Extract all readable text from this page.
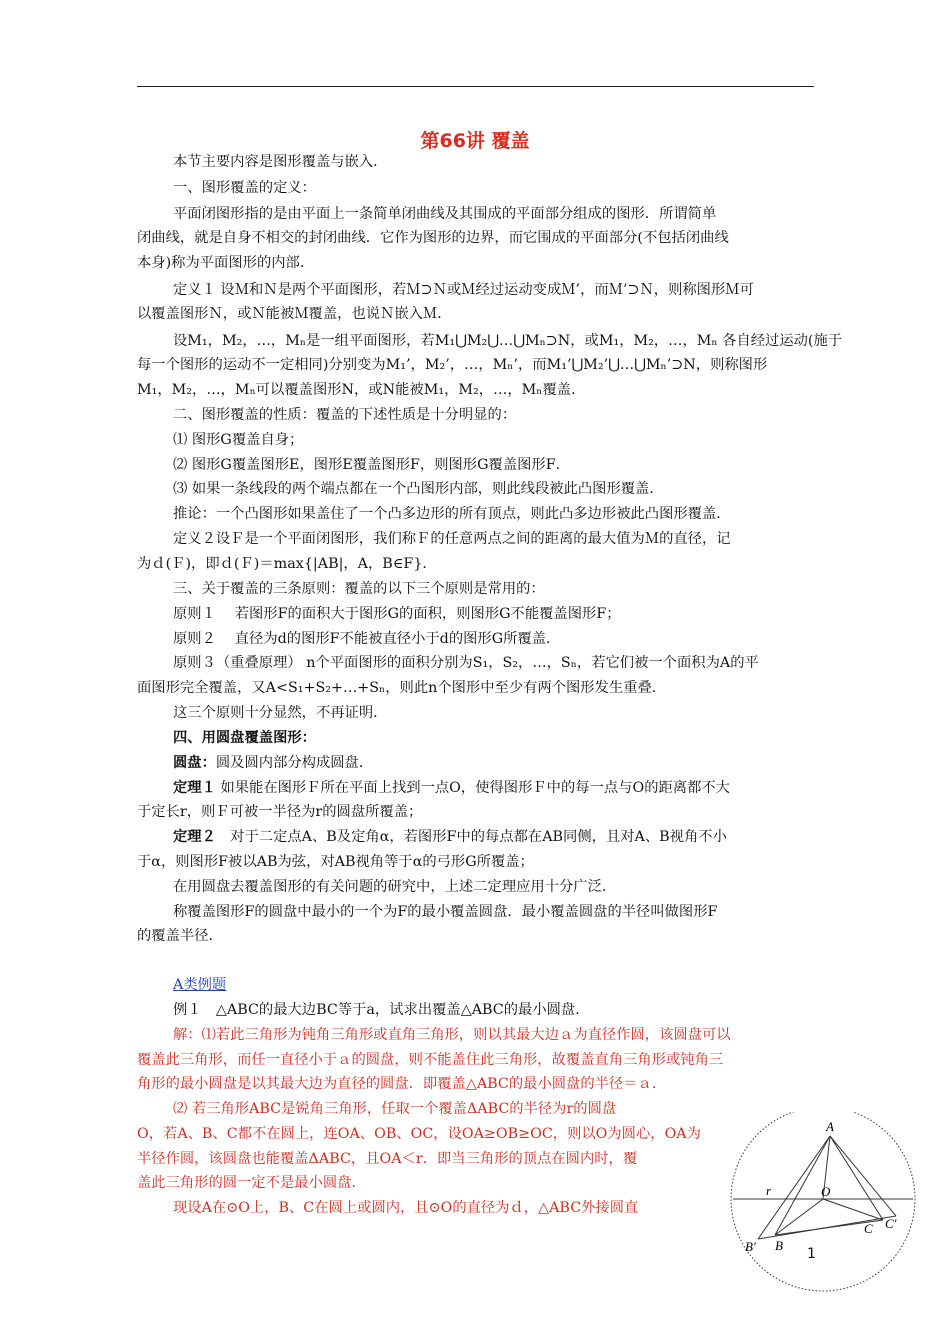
第66讲 覆盖
本节主要内容是图形覆盖与嵌入．
一、图形覆盖的定义：
平面闭图形指的是由平面上一条简单闭曲线及其围成的平面部分组成的图形．所谓简单
闭曲线，就是自身不相交的封闭曲线．它作为图形的边界，而它围成的平面部分(不包括闭曲线
本身)称为平面图形的内部．
定义１ 设Ｍ和Ｎ是两个平面图形，若Ｍ⊃Ｎ或Ｍ经过运动变成Ｍ’，而Ｍ’⊃Ｎ，则称图形Ｍ可
以覆盖图形Ｎ，或Ｎ能被Ｍ覆盖，也说Ｎ嵌入Ｍ．
设M₁，M₂，…，Mₙ是一组平面图形，若M₁⋃M₂⋃…⋃Mₙ⊃N，或M₁，M₂，…，Mₙ 各自经过运动(施于
每一个图形的运动不一定相同)分别变为M₁’，M₂’，…，Mₙ’，而M₁’⋃M₂’⋃…⋃Mₙ’⊃N，则称图形
M₁，M₂，…，Mₙ可以覆盖图形N，或N能被M₁，M₂，…，Mₙ覆盖．
二、图形覆盖的性质：覆盖的下述性质是十分明显的：
⑴ 图形G覆盖自身；
⑵ 图形G覆盖图形E，图形E覆盖图形F，则图形G覆盖图形F．
⑶ 如果一条线段的两个端点都在一个凸图形内部，则此线段被此凸图形覆盖．
推论：一个凸图形如果盖住了一个凸多边形的所有顶点，则此凸多边形被此凸图形覆盖．
定义２设Ｆ是一个平面闭图形，我们称Ｆ的任意两点之间的距离的最大值为Ｍ的直径，记
为ｄ(Ｆ)，即ｄ(Ｆ)＝max{|AB|，A，B∈F}．
三、关于覆盖的三条原则：覆盖的以下三个原则是常用的：
原则１　 若图形F的面积大于图形G的面积，则图形G不能覆盖图形F；
原则２　 直径为d的图形F不能被直径小于d的图形G所覆盖．
原则３（重叠原理） n个平面图形的面积分别为S₁，S₂，…，Sₙ，若它们被一个面积为A的平
面图形完全覆盖，又A<S₁+S₂+…+Sₙ，则此n个图形中至少有两个图形发生重叠．
这三个原则十分显然，不再证明．
四、用圆盘覆盖图形：
圆盘：圆及圆内部分构成圆盘．
定理１ 如果能在图形Ｆ所在平面上找到一点O，使得图形Ｆ中的每一点与O的距离都不大
于定长r，则Ｆ可被一半径为r的圆盘所覆盖；
定理２　对于二定点A、B及定角α，若图形F中的每点都在AB同侧，且对A、B视角不小
于α，则图形F被以AB为弦，对AB视角等于α的弓形G所覆盖；
在用圆盘去覆盖图形的有关问题的研究中，上述二定理应用十分广泛．
称覆盖图形F的圆盘中最小的一个为F的最小覆盖圆盘．最小覆盖圆盘的半径叫做图形F
的覆盖半径．
A类例题
例１　△ABC的最大边BC等于a，试求出覆盖△ABC的最小圆盘．
解：⑴若此三角形为钝角三角形或直角三角形，则以其最大边ａ为直径作圆，该圆盘可以
覆盖此三角形，而任一直径小于ａ的圆盘，则不能盖住此三角形，故覆盖直角三角形或钝角三
角形的最小圆盘是以其最大边为直径的圆盘．即覆盖△ABC的最小圆盘的半径＝ａ．
⑵ 若三角形ABC是锐角三角形，任取一个覆盖ΔABC的半径为r的圆盘
O，若A、B、C都不在圆上，连OA、OB、OC，设OA≥OB≥OC，则以O为圆心，OA为
半径作圆，该圆盘也能覆盖ΔABC，且OA＜r．即当三角形的顶点在圆内时，覆
盖此三角形的圆一定不是最小圆盘．
现设A在⊙O上，B、C在圆上或圆内，且⊙O的直径为ｄ，△ABC外接圆直
A
r	O
C C'
B
B'	1
